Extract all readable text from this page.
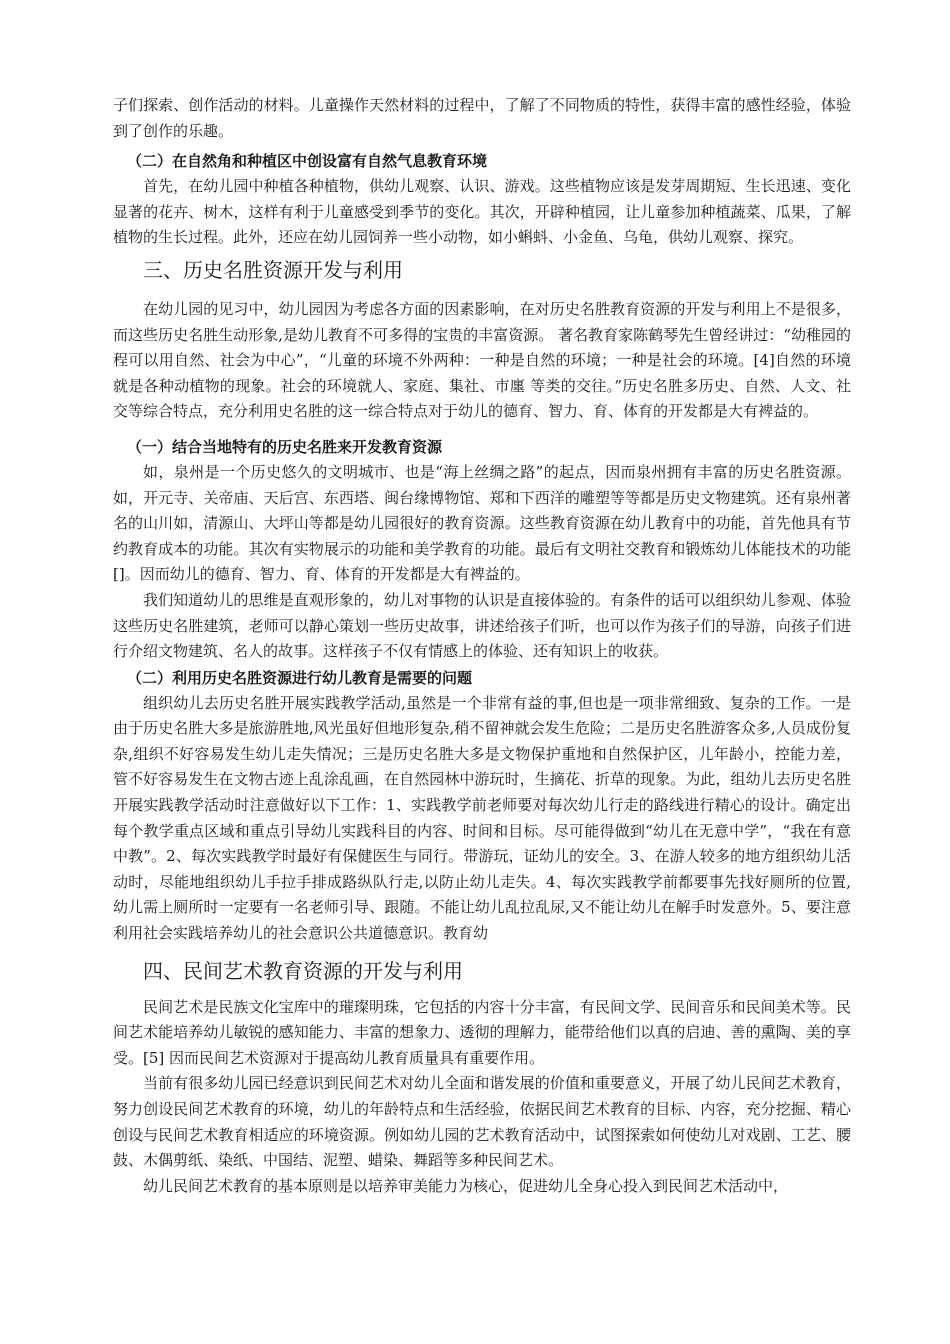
子们探索、创作活动的材料。儿童操作天然材料的过程中，了解了不同物质的特性，获得丰富的感性经验，体验到了创作的乐趣。

（二）在自然角和种植区中创设富有自然气息教育环境

首先，在幼儿园中种植各种植物，供幼儿观察、认识、游戏。这些植物应该是发芽周期短、生长迅速、变化显著的花卉、树木，这样有利于儿童感受到季节的变化。其次，开辟种植园，让儿童参加种植蔬菜、瓜果，了解植物的生长过程。此外，还应在幼儿园饲养一些小动物，如小蝌蚪、小金鱼、乌龟，供幼儿观察、探究。

三、历史名胜资源开发与利用

在幼儿园的见习中，幼儿园因为考虑各方面的因素影响，在对历史名胜教育资源的开发与利用上不是很多，而这些历史名胜生动形象,是幼儿教育不可多得的宝贵的丰富资源。 著名教育家陈鹤琴先生曾经讲过：“幼稚园的程可以用自然、社会为中心”，“儿童的环境不外两种：一种是自然的环境；一种是社会的环境。[4]自然的环境就是各种动植物的现象。社会的环境就人、家庭、集社、市廛 等类的交往。”历史名胜多历史、自然、人文、社交等综合特点，充分利用史名胜的这一综合特点对于幼儿的德育、智力、育、体育的开发都是大有裨益的。

（一）结合当地特有的历史名胜来开发教育资源

如，泉州是一个历史悠久的文明城市、也是“海上丝绸之路”的起点，因而泉州拥有丰富的历史名胜资源。如，开元寺、关帝庙、天后宫、东西塔、闽台缘博物馆、郑和下西洋的雕塑等等都是历史文物建筑。还有泉州著名的山川如，清源山、大坪山等都是幼儿园很好的教育资源。这些教育资源在幼儿教育中的功能，首先他具有节约教育成本的功能。其次有实物展示的功能和美学教育的功能。最后有文明社交教育和锻炼幼儿体能技术的功能[]。因而幼儿的德育、智力、育、体育的开发都是大有裨益的。

我们知道幼儿的思维是直观形象的，幼儿对事物的认识是直接体验的。有条件的话可以组织幼儿参观、体验这些历史名胜建筑，老师可以静心策划一些历史故事，讲述给孩子们听，也可以作为孩子们的导游，向孩子们进行介绍文物建筑、名人的故事。这样孩子不仅有情感上的体验、还有知识上的收获。

（二）利用历史名胜资源进行幼儿教育是需要的问题

组织幼儿去历史名胜开展实践教学活动,虽然是一个非常有益的事,但也是一项非常细致、复杂的工作。一是由于历史名胜大多是旅游胜地,风光虽好但地形复杂,稍不留神就会发生危险；二是历史名胜游客众多,人员成份复杂,组织不好容易发生幼儿走失情况；三是历史名胜大多是文物保护重地和自然保护区，儿年龄小，控能力差，管不好容易发生在文物古迹上乱涂乱画，在自然园林中游玩时，生摘花、折草的现象。为此，组幼儿去历史名胜开展实践教学活动时注意做好以下工作：1、实践教学前老师要对每次幼儿行走的路线进行精心的设计。确定出每个教学重点区域和重点引导幼儿实践科目的内容、时间和目标。尽可能得做到“幼儿在无意中学”，“我在有意中教”。2、每次实践教学时最好有保健医生与同行。带游玩，证幼儿的安全。3、在游人较多的地方组织幼儿活动时，尽能地组织幼儿手拉手排成路纵队行走,以防止幼儿走失。4、每次实践教学前都要事先找好厕所的位置,幼儿需上厕所时一定要有一名老师引导、跟随。不能让幼儿乱拉乱尿,又不能让幼儿在解手时发意外。5、要注意利用社会实践培养幼儿的社会意识公共道德意识。教育幼

四、民间艺术教育资源的开发与利用

民间艺术是民族文化宝库中的璀璨明珠，它包括的内容十分丰富，有民间文学、民间音乐和民间美术等。民间艺术能培养幼儿敏锐的感知能力、丰富的想象力、透彻的理解力，能带给他们以真的启迪、善的熏陶、美的享受。[5] 因而民间艺术资源对于提高幼儿教育质量具有重要作用。

当前有很多幼儿园已经意识到民间艺术对幼儿全面和谐发展的价值和重要意义，开展了幼儿民间艺术教育，努力创设民间艺术教育的环境，幼儿的年龄特点和生活经验，依据民间艺术教育的目标、内容，充分挖掘、精心创设与民间艺术教育相适应的环境资源。例如幼儿园的艺术教育活动中，试图探索如何使幼儿对戏剧、工艺、腰鼓、木偶剪纸、染纸、中国结、泥塑、蜡染、舞蹈等多种民间艺术。

幼儿民间艺术教育的基本原则是以培养审美能力为核心，促进幼儿全身心投入到民间艺术活动中，
